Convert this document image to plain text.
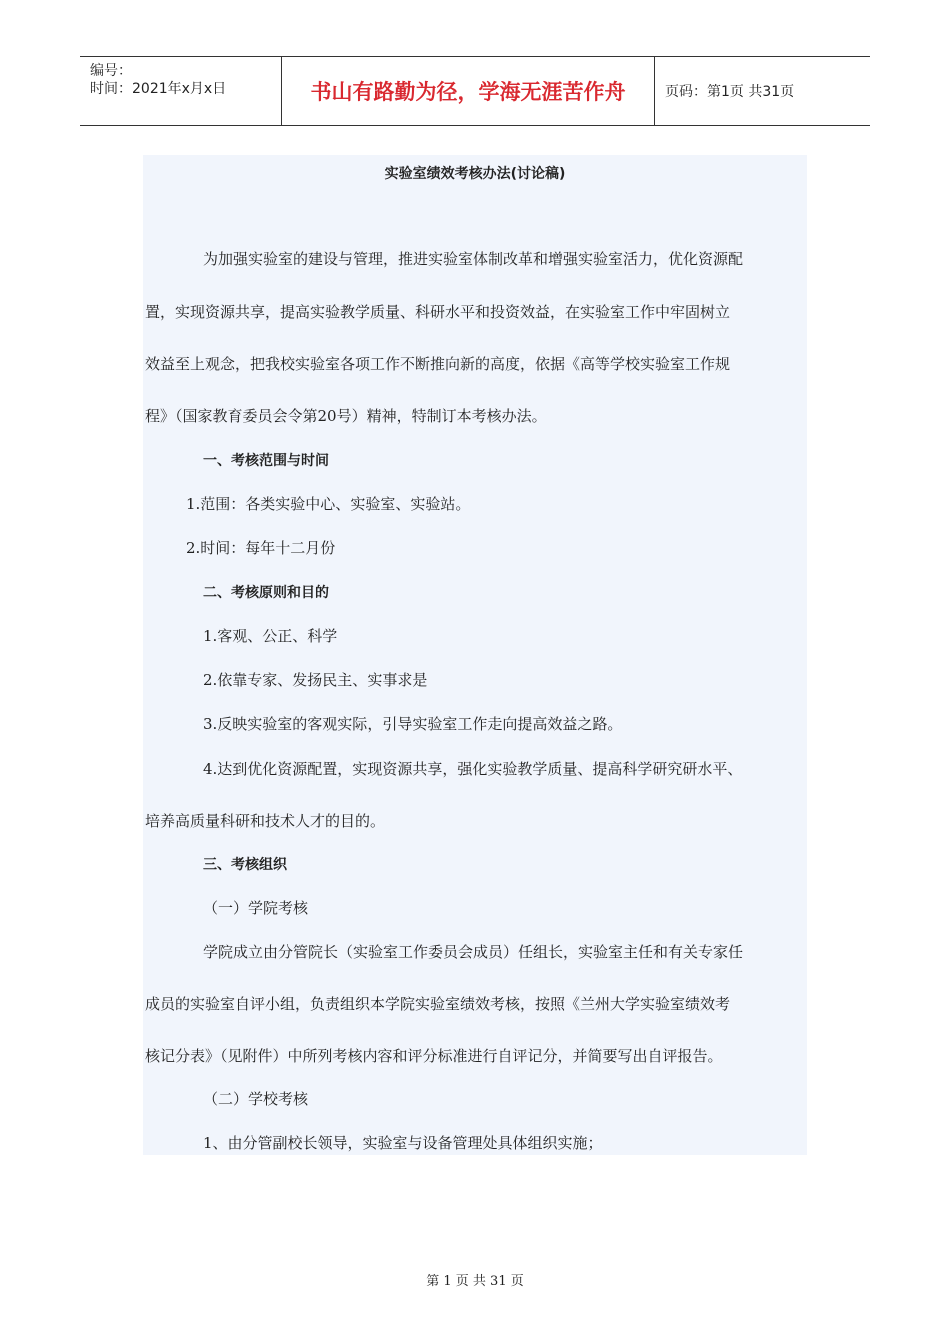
编号：
时间：2021年x月x日	书山有路勤为径，学海无涯苦作舟	页码：第1页 共31页
实验室绩效考核办法(讨论稿)
为加强实验室的建设与管理，推进实验室体制改革和增强实验室活力，优化资源配
置，实现资源共享，提高实验教学质量、科研水平和投资效益，在实验室工作中牢固树立
效益至上观念，把我校实验室各项工作不断推向新的高度，依据《高等学校实验室工作规
程》（国家教育委员会令第20号）精神，特制订本考核办法。
一、考核范围与时间
1.范围：各类实验中心、实验室、实验站。
2.时间：每年十二月份
二、考核原则和目的
1.客观、公正、科学
2.依靠专家、发扬民主、实事求是
3.反映实验室的客观实际，引导实验室工作走向提高效益之路。
4.达到优化资源配置，实现资源共享，强化实验教学质量、提高科学研究研水平、
培养高质量科研和技术人才的目的。
三、考核组织
（一）学院考核
学院成立由分管院长（实验室工作委员会成员）任组长，实验室主任和有关专家任
成员的实验室自评小组，负责组织本学院实验室绩效考核，按照《兰州大学实验室绩效考
核记分表》（见附件）中所列考核内容和评分标准进行自评记分，并简要写出自评报告。
（二）学校考核
1、由分管副校长领导，实验室与设备管理处具体组织实施；
第 1 页 共 31 页
